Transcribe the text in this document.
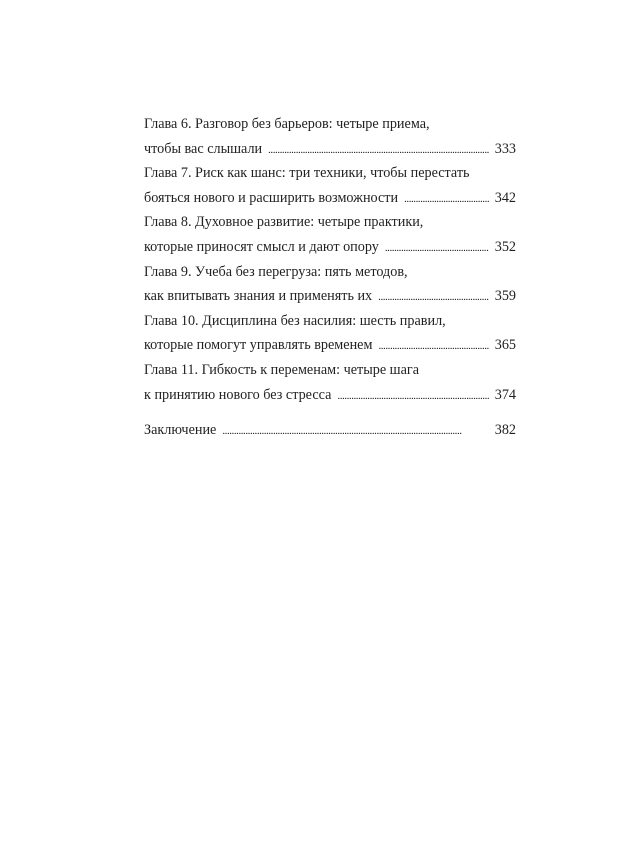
Глава 6. Разговор без барьеров: четыре приема,
чтобы вас слышали . . .	333
Глава 7. Риск как шанс: три техники, чтобы перестать
бояться нового и расширить возможности . . .	342
Глава 8. Духовное развитие: четыре практики,
которые приносят смысл и дают опору . . .	352
Глава 9. Учеба без перегруза: пять методов,
как впитывать знания и применять их . . .	359
Глава 10. Дисциплина без насилия: шесть правил,
которые помогут управлять временем . . .	365
Глава 11. Гибкость к переменам: четыре шага
к принятию нового без стресса . . .	374
Заключение . . .	382
